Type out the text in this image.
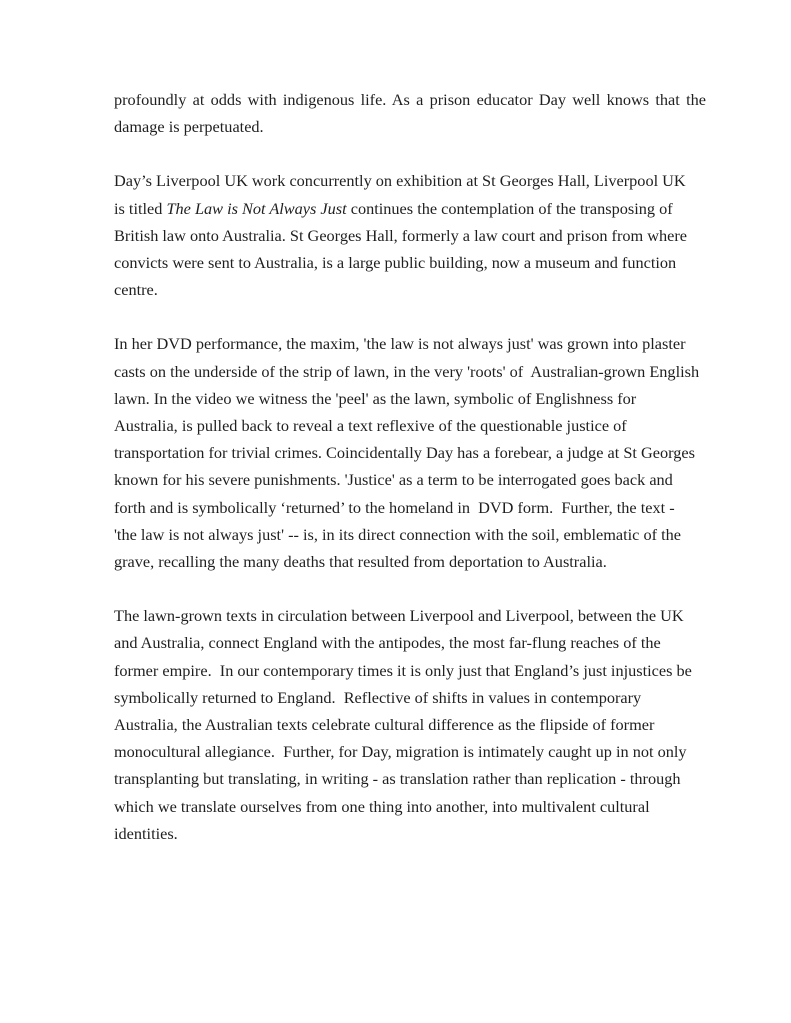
profoundly at odds with indigenous life. As a prison educator Day well knows that the
damage is perpetuated.
Day’s Liverpool UK work concurrently on exhibition at St Georges Hall, Liverpool UK
is titled The Law is Not Always Just continues the contemplation of the transposing of
British law onto Australia. St Georges Hall, formerly a law court and prison from where
convicts were sent to Australia, is a large public building, now a museum and function
centre.
In her DVD performance, the maxim, 'the law is not always just' was grown into plaster
casts on the underside of the strip of lawn, in the very 'roots' of  Australian-grown English
lawn. In the video we witness the 'peel' as the lawn, symbolic of Englishness for
Australia, is pulled back to reveal a text reflexive of the questionable justice of
transportation for trivial crimes. Coincidentally Day has a forebear, a judge at St Georges
known for his severe punishments. 'Justice' as a term to be interrogated goes back and
forth and is symbolically ‘returned’ to the homeland in  DVD form.  Further, the text -
'the law is not always just' -- is, in its direct connection with the soil, emblematic of the
grave, recalling the many deaths that resulted from deportation to Australia.
The lawn-grown texts in circulation between Liverpool and Liverpool, between the UK
and Australia, connect England with the antipodes, the most far-flung reaches of the
former empire.  In our contemporary times it is only just that England’s just injustices be
symbolically returned to England.  Reflective of shifts in values in contemporary
Australia, the Australian texts celebrate cultural difference as the flipside of former
monocultural allegiance.  Further, for Day, migration is intimately caught up in not only
transplanting but translating, in writing - as translation rather than replication - through
which we translate ourselves from one thing into another, into multivalent cultural
identities.
